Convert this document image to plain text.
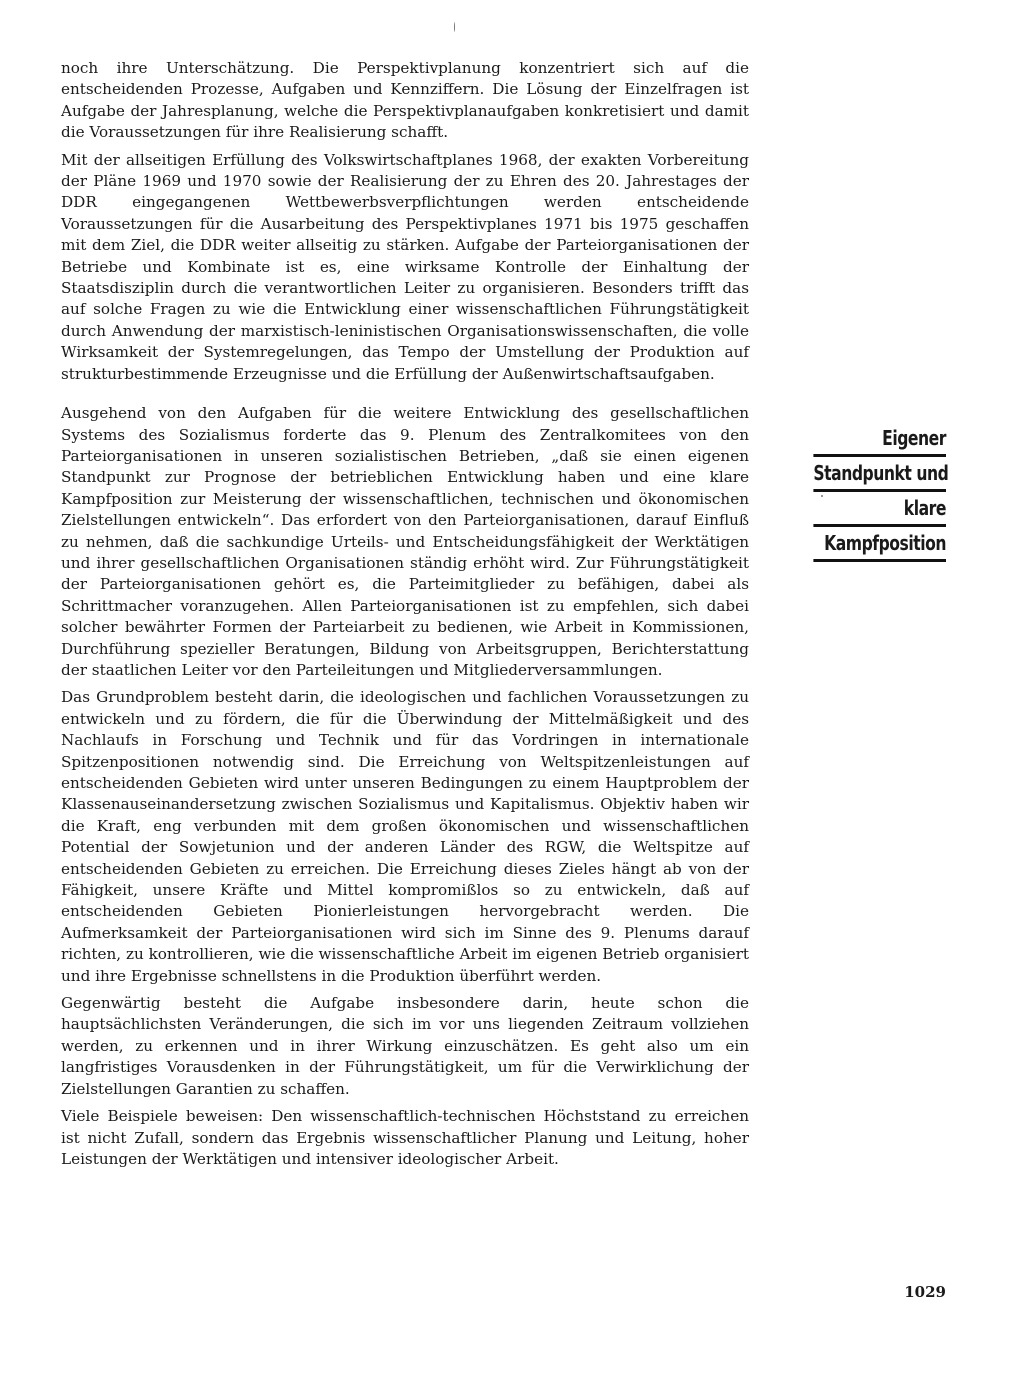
noch ihre Unterschätzung. Die Perspektivplanung konzentriert sich auf die entscheidenden Prozesse, Aufgaben und Kennziffern. Die Lösung der Einzelfragen ist Aufgabe der Jahresplanung, welche die Perspektivplanaufgaben konkretisiert und damit die Voraussetzungen für ihre Realisierung schafft.

Mit der allseitigen Erfüllung des Volkswirtschaftplanes 1968, der exakten Vorbereitung der Pläne 1969 und 1970 sowie der Realisierung der zu Ehren des 20. Jahrestages der DDR eingegangenen Wettbewerbsverpflichtungen werden entscheidende Voraussetzungen für die Ausarbeitung des Perspektivplanes 1971 bis 1975 geschaffen mit dem Ziel, die DDR weiter allseitig zu stärken. Aufgabe der Parteiorganisationen der Betriebe und Kombinate ist es, eine wirksame Kontrolle der Einhaltung der Staatsdisziplin durch die verantwortlichen Leiter zu organisieren. Besonders trifft das auf solche Fragen zu wie die Entwicklung einer wissenschaftlichen Führungstätigkeit durch Anwendung der marxistisch-leninistischen Organisationswissenschaften, die volle Wirksamkeit der Systemregelungen, das Tempo der Umstellung der Produktion auf strukturbestimmende Erzeugnisse und die Erfüllung der Außenwirtschaftsaufgaben.

Ausgehend von den Aufgaben für die weitere Entwicklung des gesellschaftlichen Systems des Sozialismus forderte das 9. Plenum des Zentralkomitees von den Parteiorganisationen in unseren sozialistischen Betrieben, „daß sie einen eigenen Standpunkt zur Prognose der betrieblichen Entwicklung haben und eine klare Kampfposition zur Meisterung der wissenschaftlichen, technischen und ökonomischen Zielstellungen entwickeln“. Das erfordert von den Parteiorganisationen, darauf Einfluß zu nehmen, daß die sachkundige Urteils- und Entscheidungsfähigkeit der Werktätigen und ihrer gesellschaftlichen Organisationen ständig erhöht wird. Zur Führungstätigkeit der Parteiorganisationen gehört es, die Parteimitglieder zu befähigen, dabei als Schrittmacher voranzugehen. Allen Parteiorganisationen ist zu empfehlen, sich dabei solcher bewährter Formen der Parteiarbeit zu bedienen, wie Arbeit in Kommissionen, Durchführung spezieller Beratungen, Bildung von Arbeitsgruppen, Berichterstattung der staatlichen Leiter vor den Parteileitungen und Mitgliederversammlungen.

Das Grundproblem besteht darin, die ideologischen und fachlichen Voraussetzungen zu entwickeln und zu fördern, die für die Überwindung der Mittelmäßigkeit und des Nachlaufs in Forschung und Technik und für das Vordringen in internationale Spitzenpositionen notwendig sind. Die Erreichung von Weltspitzenleistungen auf entscheidenden Gebieten wird unter unseren Bedingungen zu einem Hauptproblem der Klassenauseinandersetzung zwischen Sozialismus und Kapitalismus. Objektiv haben wir die Kraft, eng verbunden mit dem großen ökonomischen und wissenschaftlichen Potential der Sowjetunion und der anderen Länder des RGW, die Weltspitze auf entscheidenden Gebieten zu erreichen. Die Erreichung dieses Zieles hängt ab von der Fähigkeit, unsere Kräfte und Mittel kompromißlos so zu entwickeln, daß auf entscheidenden Gebieten Pionierleistungen hervorgebracht werden. Die Aufmerksamkeit der Parteiorganisationen wird sich im Sinne des 9. Plenums darauf richten, zu kontrollieren, wie die wissenschaftliche Arbeit im eigenen Betrieb organisiert und ihre Ergebnisse schnellstens in die Produktion überführt werden.

Gegenwärtig besteht die Aufgabe insbesondere darin, heute schon die hauptsächlichsten Veränderungen, die sich im vor uns liegenden Zeitraum vollziehen werden, zu erkennen und in ihrer Wirkung einzuschätzen. Es geht also um ein langfristiges Vorausdenken in der Führungstätigkeit, um für die Verwirklichung der Zielstellungen Garantien zu schaffen.

Viele Beispiele beweisen: Den wissenschaftlich-technischen Höchststand zu erreichen ist nicht Zufall, sondern das Ergebnis wissenschaftlicher Planung und Leitung, hoher Leistungen der Werktätigen und intensiver ideologischer Arbeit.

Eigener
Standpunkt und
klare
Kampfposition
1029
